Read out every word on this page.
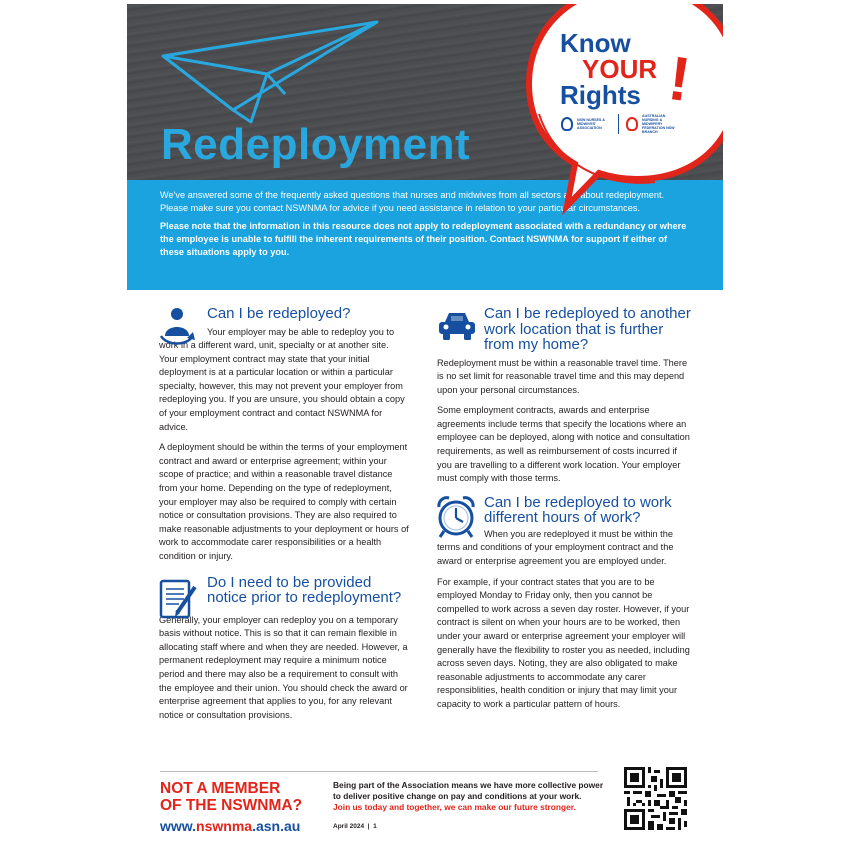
Redeployment

We've answered some of the frequently asked questions that nurses and midwives from all sectors ask about redeployment. Please make sure you contact NSWNMA for advice if you need assistance in relation to your particular circumstances.

Please note that the information in this resource does not apply to redeployment associated with a redundancy or where the employee is unable to fulfill the inherent requirements of their position. Contact NSWNMA for support if either of these situations apply to you.

Know
YOUR
Rights !
NSW NURSES & MIDWIVES' ASSOCIATION
AUSTRALIAN NURSING & MIDWIFERY FEDERATION NSW BRANCH
Can I be redeployed?

Your employer may be able to redeploy you to work in a different ward, unit, specialty or at another site. Your employment contract may state that your initial deployment is at a particular location or within a particular specialty, however, this may not prevent your employer from redeploying you. If you are unsure, you should obtain a copy of your employment contract and contact NSWNMA for advice.

A deployment should be within the terms of your employment contract and award or enterprise agreement; within your scope of practice; and within a reasonable travel distance from your home. Depending on the type of redeployment, your employer may also be required to comply with certain notice or consultation provisions. They are also required to make reasonable adjustments to your deployment or hours of work to accommodate carer responsibilities or a health condition or injury.

Do I need to be provided notice prior to redeployment?

Generally, your employer can redeploy you on a temporary basis without notice. This is so that it can remain flexible in allocating staff where and when they are needed. However, a permanent redeployment may require a minimum notice period and there may also be a requirement to consult with the employee and their union. You should check the award or enterprise agreement that applies to you, for any relevant notice or consultation provisions.

Can I be redeployed to another work location that is further from my home?

Redeployment must be within a reasonable travel time. There is no set limit for reasonable travel time and this may depend upon your personal circumstances.

Some employment contracts, awards and enterprise agreements include terms that specify the locations where an employee can be deployed, along with notice and consultation requirements, as well as reimbursement of costs incurred if you are travelling to a different work location. Your employer must comply with those terms.

Can I be redeployed to work different hours of work?

When you are redeployed it must be within the terms and conditions of your employment contract and the award or enterprise agreement you are employed under.

For example, if your contract states that you are to be employed Monday to Friday only, then you cannot be compelled to work across a seven day roster. However, if your contract is silent on when your hours are to be worked, then under your award or enterprise agreement your employer will generally have the flexibility to roster you as needed, including across seven days. Noting, they are also obligated to make reasonable adjustments to accommodate any carer responsiblities, health condition or injury that may limit your capacity to work a particular pattern of hours.

NOT A MEMBER
OF THE NSWNMA?
www.nswnma.asn.au
Being part of the Association means we have more collective power to deliver positive change on pay and conditions at your work.
Join us today and together, we can make our future stronger.
April 2024  |  1
